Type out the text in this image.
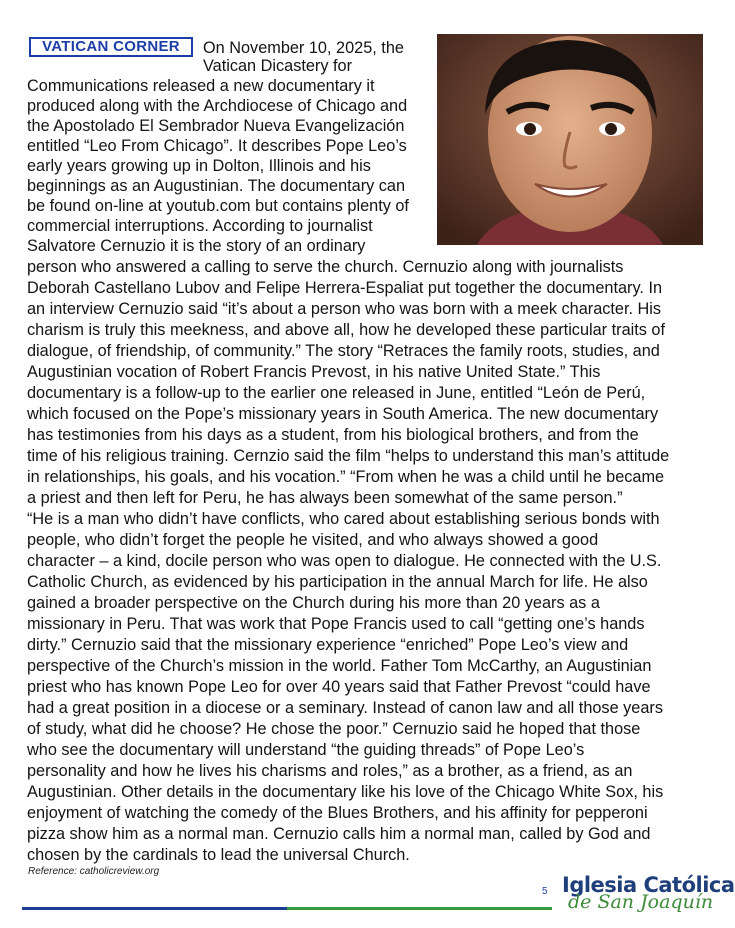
VATICAN CORNER	On November 10, 2025, the
Vatican Dicastery for
Communications released a new documentary it
produced along with the Archdiocese of Chicago and
the Apostolado El Sembrador Nueva Evangelización
entitled “Leo From Chicago”. It describes Pope Leo’s
early years growing up in Dolton, Illinois and his
beginnings as an Augustinian. The documentary can
be found on-line at youtub.com but contains plenty of
commercial interruptions. According to journalist
Salvatore Cernuzio it is the story of an ordinary
person who answered a calling to serve the church. Cernuzio along with journalists
Deborah Castellano Lubov and Felipe Herrera-Espaliat put together the documentary. In
an interview Cernuzio said “it’s about a person who was born with a meek character. His
charism is truly this meekness, and above all, how he developed these particular traits of
dialogue, of friendship, of community.” The story “Retraces the family roots, studies, and
Augustinian vocation of Robert Francis Prevost, in his native United State.” This
documentary is a follow-up to the earlier one released in June, entitled “León de Perú,
which focused on the Pope’s missionary years in South America. The new documentary
has testimonies from his days as a student, from his biological brothers, and from the
time of his religious training. Cernzio said the film “helps to understand this man’s attitude
in relationships, his goals, and his vocation.” “From when he was a child until he became
a priest and then left for Peru, he has always been somewhat of the same person.”
“He is a man who didn’t have conflicts, who cared about establishing serious bonds with
people, who didn’t forget the people he visited, and who always showed a good
character – a kind, docile person who was open to dialogue. He connected with the U.S.
Catholic Church, as evidenced by his participation in the annual March for life. He also
gained a broader perspective on the Church during his more than 20 years as a
missionary in Peru. That was work that Pope Francis used to call “getting one’s hands
dirty.” Cernuzio said that the missionary experience “enriched” Pope Leo’s view and
perspective of the Church’s mission in the world. Father Tom McCarthy, an Augustinian
priest who has known Pope Leo for over 40 years said that Father Prevost “could have
had a great position in a diocese or a seminary. Instead of canon law and all those years
of study, what did he choose? He chose the poor.” Cernuzio said he hoped that those
who see the documentary will understand “the guiding threads” of Pope Leo’s
personality and how he lives his charisms and roles,” as a brother, as a friend, as an
Augustinian. Other details in the documentary like his love of the Chicago White Sox, his
enjoyment of watching the comedy of the Blues Brothers, and his affinity for pepperoni
pizza show him as a normal man. Cernuzio calls him a normal man, called by God and
chosen by the cardinals to lead the universal Church.
Reference: catholicreview.org
5 Iglesia Católica
de San Joaquín
